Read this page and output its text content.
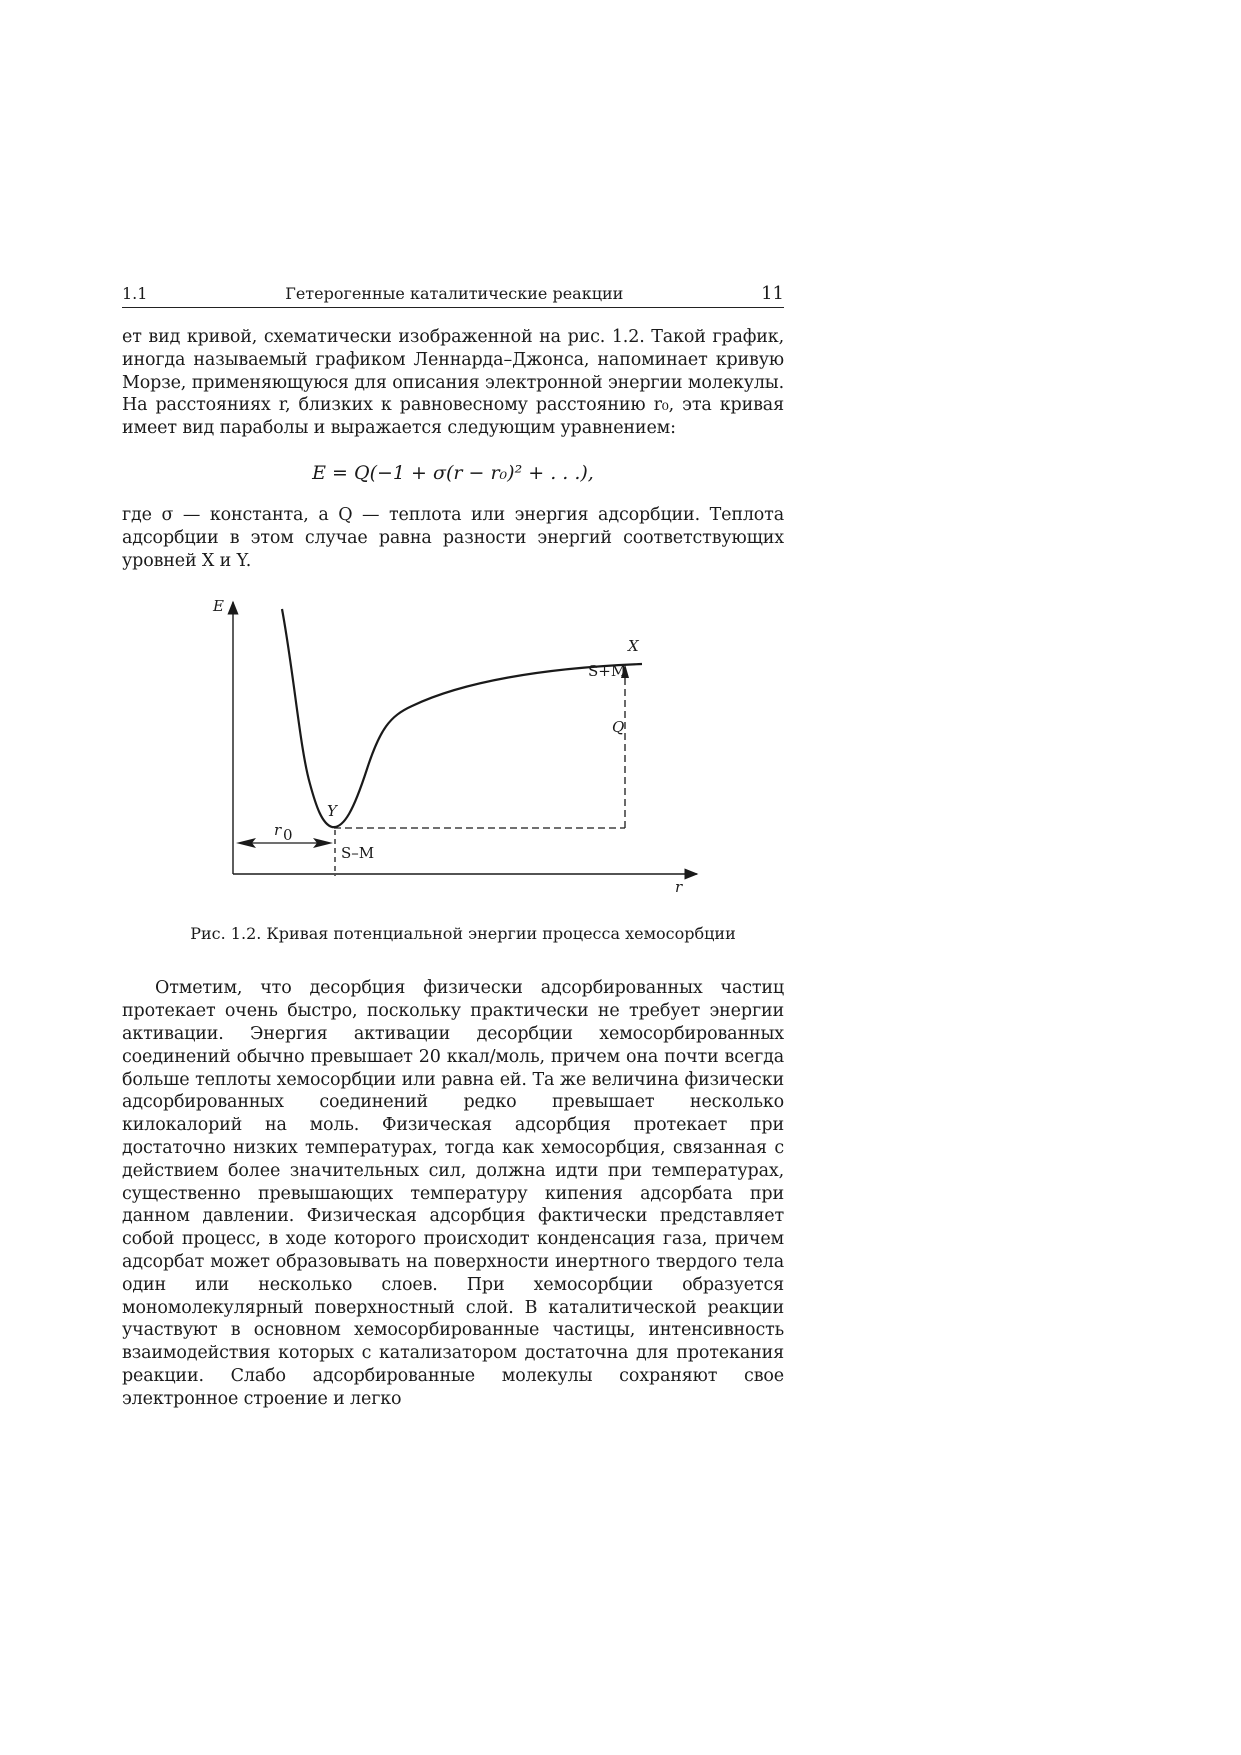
1.1	Гетерогенные каталитические реакции	11

ет вид кривой, схематически изображенной на рис. 1.2. Такой график, иногда называемый графиком Леннарда–Джонса, напоминает кривую Морзе, применяющуюся для описания электронной энергии молекулы. На расстояниях r, близких к равновесному расстоянию r₀, эта кривая имеет вид параболы и выражается следующим уравнением:

E = Q(−1 + σ(r − r₀)² + . . .),

где σ — константа, а Q — теплота или энергия адсорбции. Теплота адсорбции в этом случае равна разности энергий соответствующих уровней X и Y.

E
r
X
S+M
Q
Y
r 0
S–M
Рис. 1.2. Кривая потенциальной энергии процесса хемосорбции

Отметим, что десорбция физически адсорбированных частиц протекает очень быстро, поскольку практически не требует энергии активации. Энергия активации десорбции хемосорбированных соединений обычно превышает 20 ккал/моль, причем она почти всегда больше теплоты хемосорбции или равна ей. Та же величина физически адсорбированных соединений редко превышает несколько килокалорий на моль. Физическая адсорбция протекает при достаточно низких температурах, тогда как хемосорбция, связанная с действием более значительных сил, должна идти при температурах, существенно превышающих температуру кипения адсорбата при данном давлении. Физическая адсорбция фактически представляет собой процесс, в ходе которого происходит конденсация газа, причем адсорбат может образовывать на поверхности инертного твердого тела один или несколько слоев. При хемосорбции образуется мономолекулярный поверхностный слой. В каталитической реакции участвуют в основном хемосорбированные частицы, интенсивность взаимодействия которых с катализатором достаточна для протекания реакции. Слабо адсорбированные молекулы сохраняют свое электронное строение и легко
